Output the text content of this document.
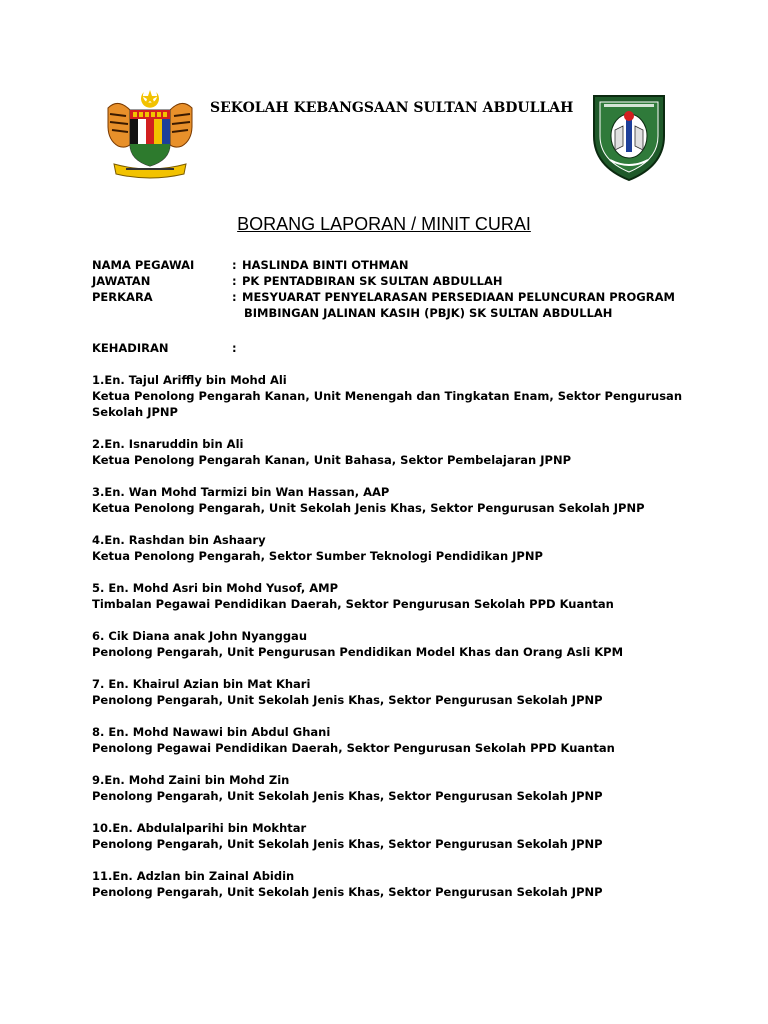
SEKOLAH KEBANGSAAN SULTAN ABDULLAH
BORANG LAPORAN / MINIT CURAI
NAMA PEGAWAI	: HASLINDA BINTI OTHMAN
JAWATAN	: PK PENTADBIRAN SK SULTAN ABDULLAH
PERKARA	: MESYUARAT PENYELARASAN PERSEDIAAN PELUNCURAN PROGRAM
BIMBINGAN JALINAN KASIH (PBJK) SK SULTAN ABDULLAH
KEHADIRAN	:
1.En. Tajul Ariffly bin Mohd Ali
Ketua Penolong Pengarah Kanan, Unit Menengah dan Tingkatan Enam, Sektor Pengurusan Sekolah JPNP
2.En. Isnaruddin bin Ali
Ketua Penolong Pengarah Kanan, Unit Bahasa, Sektor Pembelajaran JPNP
3.En. Wan Mohd Tarmizi bin Wan Hassan, AAP
Ketua Penolong Pengarah, Unit Sekolah Jenis Khas, Sektor Pengurusan Sekolah JPNP
4.En. Rashdan bin Ashaary
Ketua Penolong Pengarah, Sektor Sumber Teknologi Pendidikan JPNP
5. En. Mohd Asri bin Mohd Yusof, AMP
Timbalan Pegawai Pendidikan Daerah, Sektor Pengurusan Sekolah PPD Kuantan
6. Cik Diana anak John Nyanggau
Penolong Pengarah, Unit Pengurusan Pendidikan Model Khas dan Orang Asli KPM
7. En. Khairul Azian bin Mat Khari
Penolong Pengarah, Unit Sekolah Jenis Khas, Sektor Pengurusan Sekolah JPNP
8. En. Mohd Nawawi bin Abdul Ghani
Penolong Pegawai Pendidikan Daerah, Sektor Pengurusan Sekolah PPD Kuantan
9.En. Mohd Zaini bin Mohd Zin
Penolong Pengarah, Unit Sekolah Jenis Khas, Sektor Pengurusan Sekolah JPNP
10.En. Abdulalparihi bin Mokhtar
Penolong Pengarah, Unit Sekolah Jenis Khas, Sektor Pengurusan Sekolah JPNP
11.En. Adzlan bin Zainal Abidin
Penolong Pengarah, Unit Sekolah Jenis Khas, Sektor Pengurusan Sekolah JPNP
